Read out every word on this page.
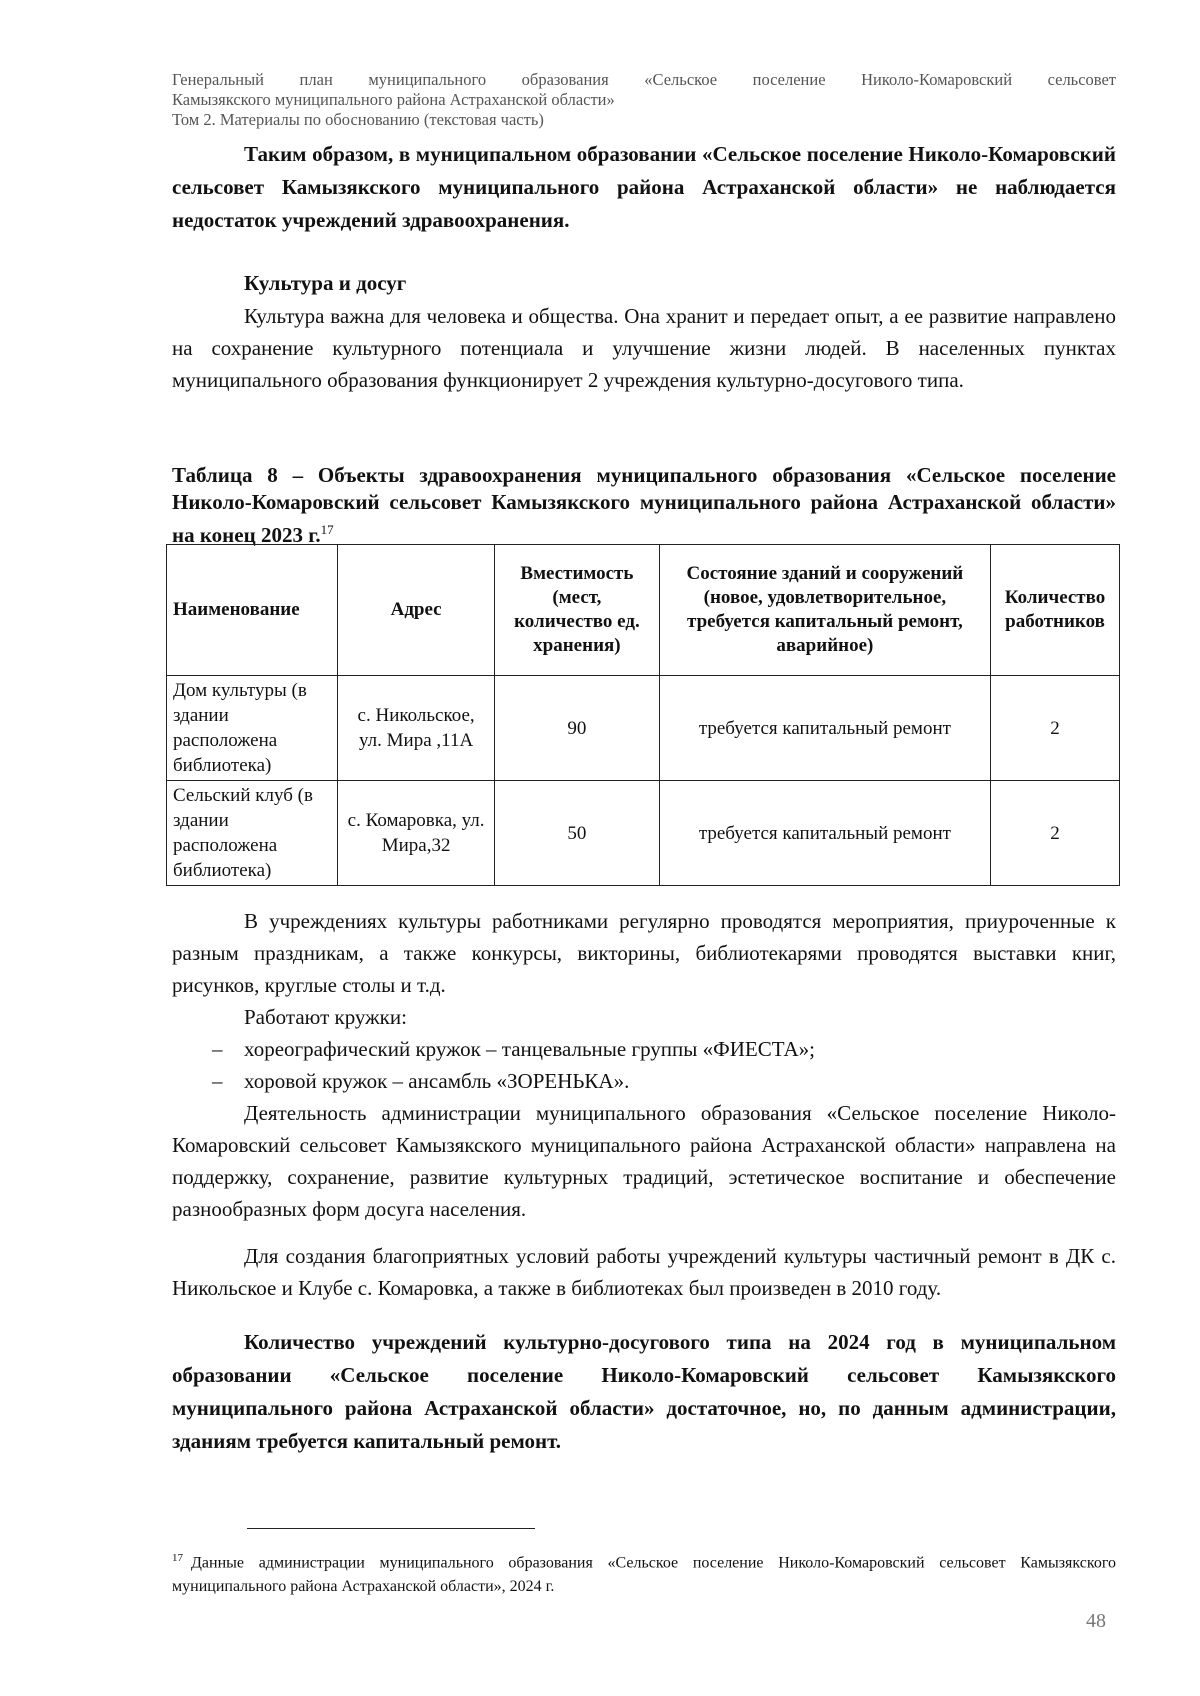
Генеральный план муниципального образования «Сельское поселение Николо-Комаровский сельсовет
Камызякского муниципального района Астраханской области»
Том 2. Материалы по обоснованию (текстовая часть)
Таким образом, в муниципальном образовании «Сельское поселение Николо-Комаровский сельсовет Камызякского муниципального района Астраханской области» не наблюдается недостаток учреждений здравоохранения.
Культура и досуг
Культура важна для человека и общества. Она хранит и передает опыт, а ее развитие направлено на сохранение культурного потенциала и улучшение жизни людей. В населенных пунктах муниципального образования функционирует 2 учреждения культурно-досугового типа.
Таблица 8 – Объекты здравоохранения муниципального образования «Сельское поселение Николо-Комаровский сельсовет Камызякского муниципального района Астраханской области» на конец 2023 г.$^{17}$
Наименование	Адрес	Вместимость (мест, количество ед. хранения)	Состояние зданий и сооружений (новое, удовлетворительное, требуется капитальный ремонт, аварийное)	Количество работников
Дом культуры (в здании расположена библиотека)	с. Никольское, ул. Мира ,11А	90	требуется капитальный ремонт	2
Сельский клуб (в здании расположена библиотека)	с. Комаровка, ул. Мира,32	50	требуется капитальный ремонт	2
В учреждениях культуры работниками регулярно проводятся мероприятия, приуроченные к разным праздникам, а также конкурсы, викторины, библиотекарями проводятся выставки книг, рисунков, круглые столы и т.д.
Работают кружки:
– хореографический кружок – танцевальные группы «ФИЕСТА»;
– хоровой кружок – ансамбль «ЗОРЕНЬКА».
Деятельность администрации муниципального образования «Сельское поселение Николо-Комаровский сельсовет Камызякского муниципального района Астраханской области» направлена на поддержку, сохранение, развитие культурных традиций, эстетическое воспитание и обеспечение разнообразных форм досуга населения.
Для создания благоприятных условий работы учреждений культуры частичный ремонт в ДК с. Никольское и Клубе с. Комаровка, а также в библиотеках был произведен в 2010 году.
Количество учреждений культурно-досугового типа на 2024 год в муниципальном образовании «Сельское поселение Николо-Комаровский сельсовет Камызякского муниципального района Астраханской области» достаточное, но, по данным администрации, зданиям требуется капитальный ремонт.
$^{17}$ Данные администрации муниципального образования «Сельское поселение Николо-Комаровский сельсовет Камызякского муниципального района Астраханской области», 2024 г.
48
